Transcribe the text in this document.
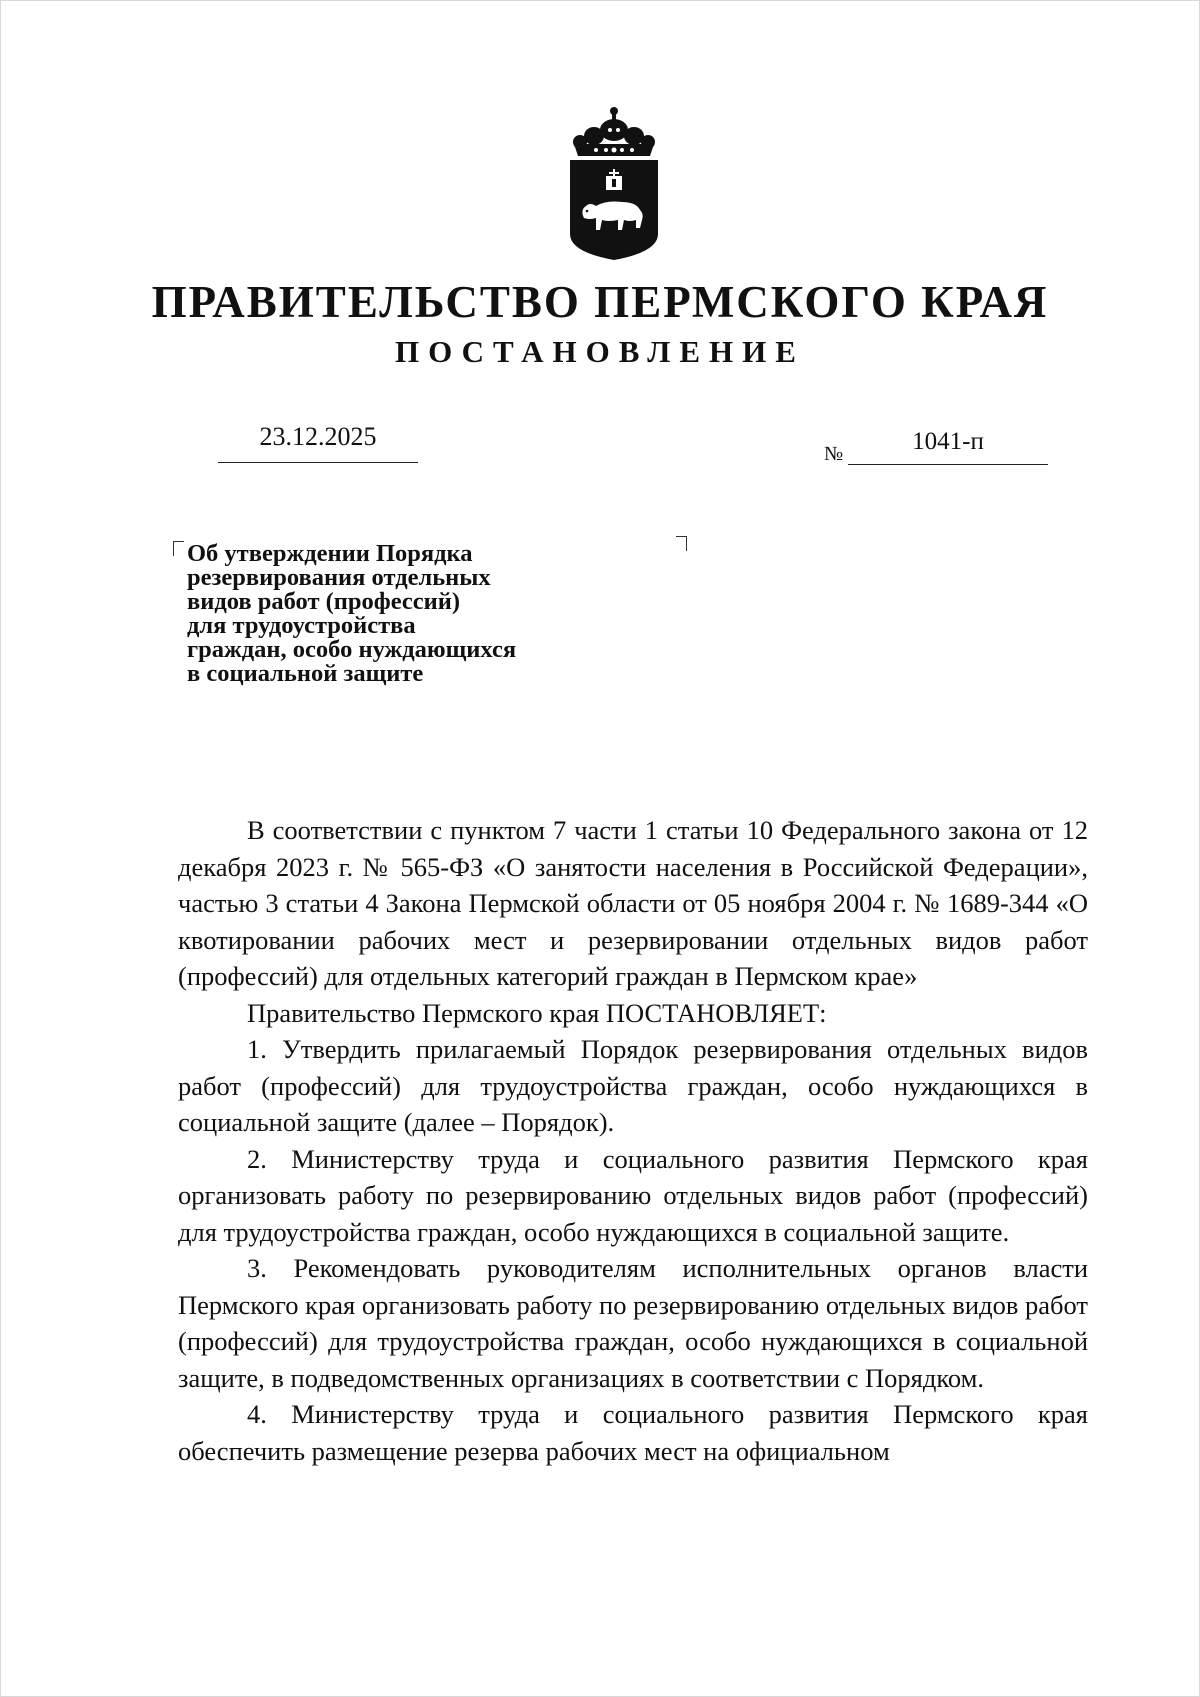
ПРАВИТЕЛЬСТВО ПЕРМСКОГО КРАЯ
ПОСТАНОВЛЕНИЕ
23.12.2025
№	1041-п

Об утверждении Порядка
резервирования отдельных
видов работ (профессий)
для трудоустройства
граждан, особо нуждающихся
в социальной защите

В соответствии с пунктом 7 части 1 статьи 10 Федерального закона от 12 декабря 2023 г. № 565-ФЗ «О занятости населения в Российской Федерации», частью 3 статьи 4 Закона Пермской области от 05 ноября 2004 г. № 1689-344 «О квотировании рабочих мест и резервировании отдельных видов работ (профессий) для отдельных категорий граждан в Пермском крае»

Правительство Пермского края ПОСТАНОВЛЯЕТ:

1. Утвердить прилагаемый Порядок резервирования отдельных видов работ (профессий) для трудоустройства граждан, особо нуждающихся в социальной защите (далее – Порядок).

2. Министерству труда и социального развития Пермского края организовать работу по резервированию отдельных видов работ (профессий) для трудоустройства граждан, особо нуждающихся в социальной защите.

3. Рекомендовать руководителям исполнительных органов власти Пермского края организовать работу по резервированию отдельных видов работ (профессий) для трудоустройства граждан, особо нуждающихся в социальной защите, в подведомственных организациях в соответствии с Порядком.

4. Министерству труда и социального развития Пермского края обеспечить размещение резерва рабочих мест на официальном
